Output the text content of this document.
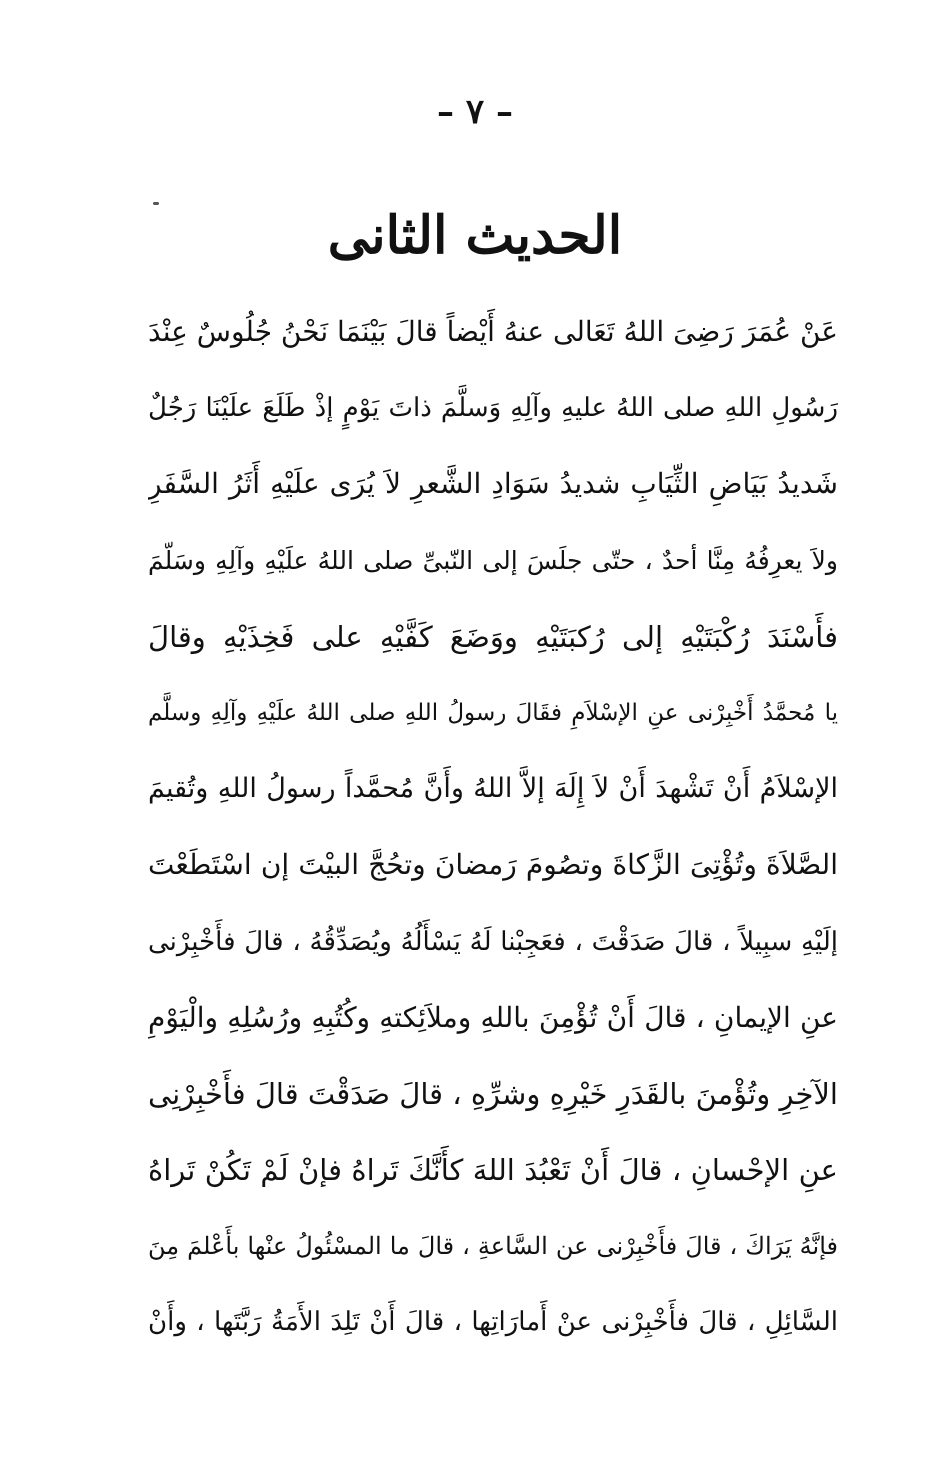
– ٧ –
الحديث الثانى
عَنْ عُمَرَ رَضِىَ اللهُ تَعَالى عنهُ أَيْضاً قالَ بَيْنَمَا نَحْنُ جُلُوسٌ عِنْدَ
رَسُولِ اللهِ صلى اللهُ عليهِ وآلِهِ وَسلَّمَ ذاتَ يَوْمٍ إذْ طَلَعَ علَيْنَا رَجُلٌ
شَديدُ بَيَاضِ الثِّيَابِ شديدُ سَوَادِ الشَّعرِ لاَ يُرَى علَيْهِ أَثَرُ السَّفَرِ
ولاَ يعرِفُهُ مِنَّا أحدٌ ، حتّى جلَسَ إلى النّبىِّ صلى اللهُ علَيْهِ وآلِهِ وسَلّمَ
فأَسْنَدَ رُكْبَتَيْهِ إلى رُكبَتَيْهِ ووَضَعَ كَفَّيْهِ على فَخِذَيْهِ وقالَ
يا مُحمَّدُ أَخْبِرْنى عنِ الإسْلاَمِ فقَالَ رسولُ اللهِ صلى اللهُ علَيْهِ وآلِهِ وسلَّم
الإسْلاَمُ أَنْ تَشْهدَ أَنْ لاَ إِلَهَ إلاَّ اللهُ وأَنَّ مُحمَّداً رسولُ اللهِ وتُقيمَ
الصَّلاَةَ وتُؤْتِىَ الزَّكاةَ وتصُومَ رَمضانَ وتحُجَّ البيْتَ إن اسْتَطَعْتَ
إلَيْهِ سبِيلاً ، قالَ صَدَقْتَ ، فعَجِبْنا لَهُ يَسْأَلُهُ ويُصَدِّقُهُ ، قالَ فأَخْبِرْنى
عنِ الإيمانِ ، قالَ أَنْ تُؤْمِنَ باللهِ وملاَئِكتهِ وكُتُبِهِ ورُسُلِهِ والْيَوْمِ
الآخِرِ وتُؤْمنَ بالقَدَرِ خَيْرِهِ وشرِّهِ ، قالَ صَدَقْتَ قالَ فأَخْبِرْنِى
عنِ الإحْسانِ ، قالَ أَنْ تَعْبُدَ اللهَ كأَنَّكَ تَراهُ فإنْ لَمْ تَكُنْ تَراهُ
فإنَّهُ يَرَاكَ ، قالَ فأَخْبِرْنى عن السَّاعةِ ، قالَ ما المسْئُولُ عنْها بأَعْلمَ مِنَ
السَّائِلِ ، قالَ فأَخْبِرْنى عنْ أَمارَاتِها ، قالَ أَنْ تَلِدَ الأَمَةُ رَبَّتَها ، وأَنْ
